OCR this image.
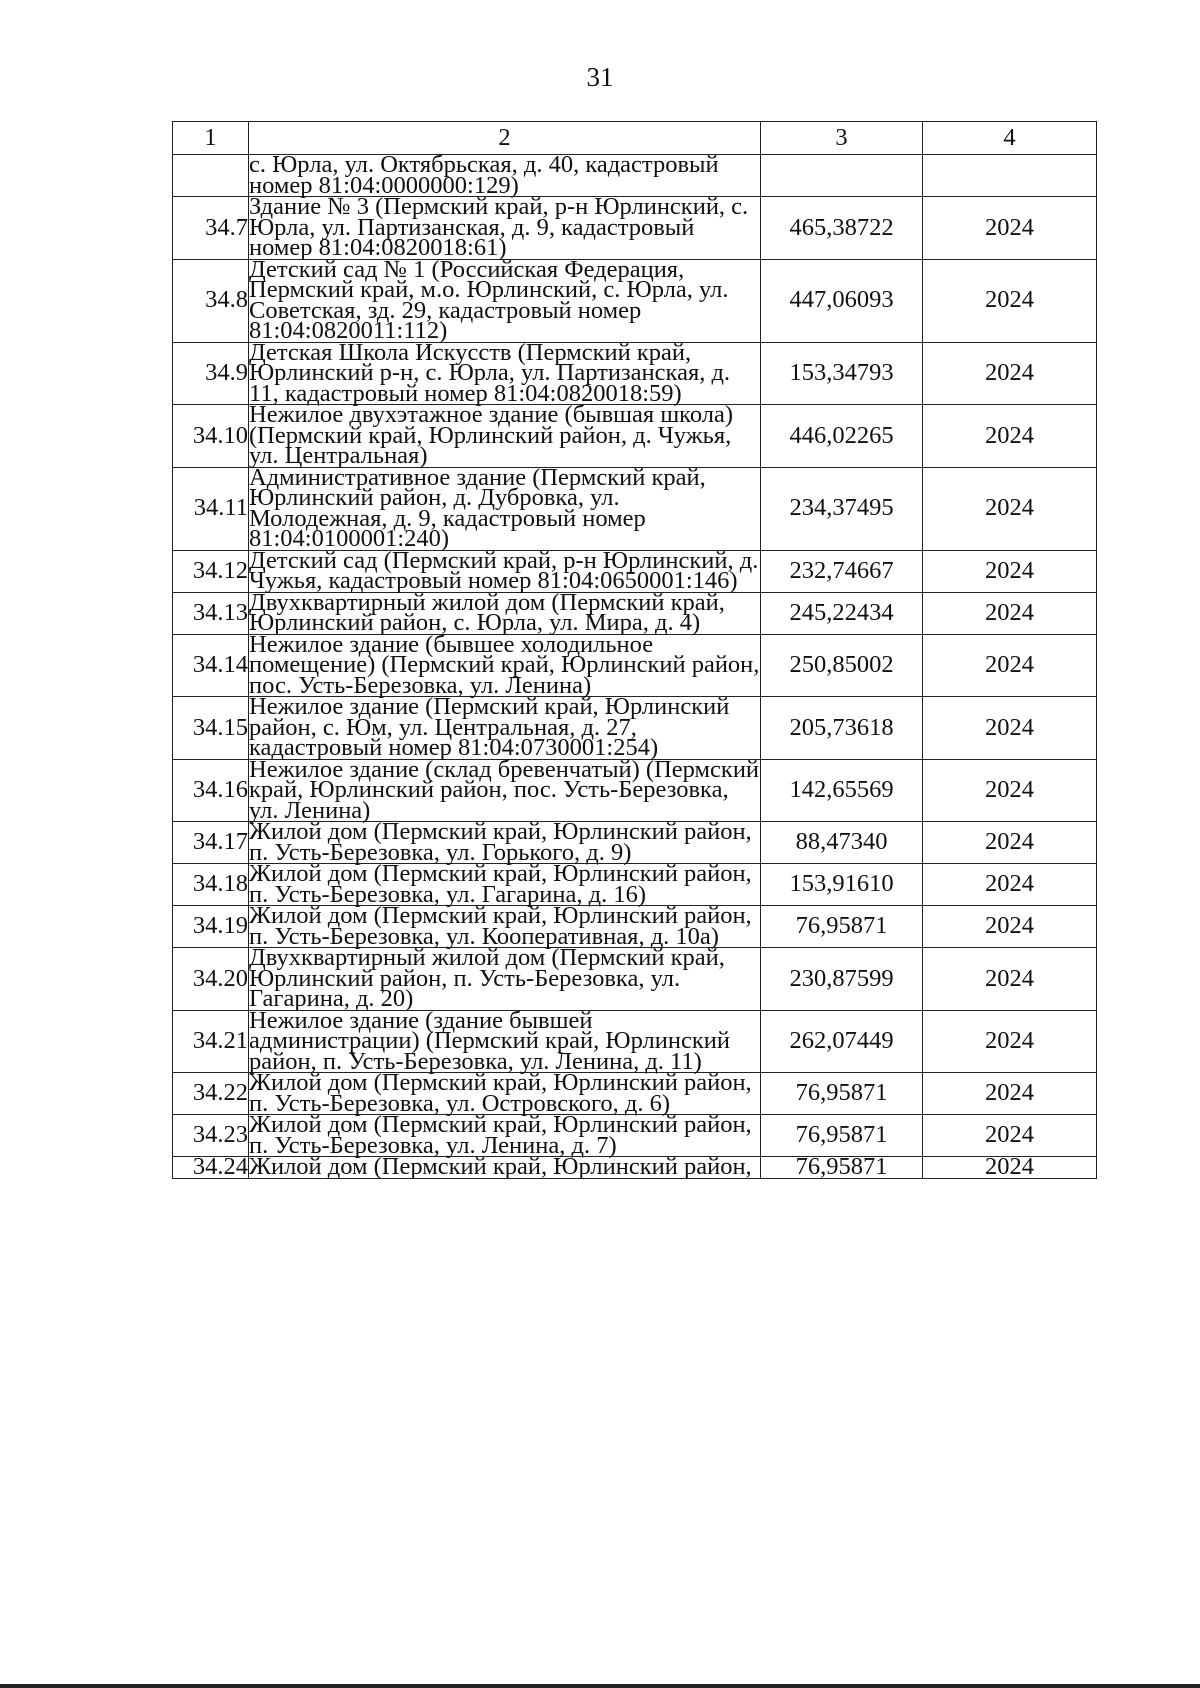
31
1	2	3	4
	с. Юрла, ул. Октябрьская, д. 40, кадастровый номер 81:04:0000000:129)		
34.7	Здание № 3 (Пермский край, р-н Юрлинский, с. Юрла, ул. Партизанская, д. 9, кадастровый номер 81:04:0820018:61)	465,38722	2024
34.8	Детский сад № 1 (Российская Федерация, Пермский край, м.о. Юрлинский, с. Юрла, ул. Советская, зд. 29, кадастровый номер 81:04:0820011:112)	447,06093	2024
34.9	Детская Школа Искусств (Пермский край, Юрлинский р-н, с. Юрла, ул. Партизанская, д. 11, кадастровый номер 81:04:0820018:59)	153,34793	2024
34.10	Нежилое двухэтажное здание (бывшая школа) (Пермский край, Юрлинский район, д. Чужья, ул. Центральная)	446,02265	2024
34.11	Административное здание (Пермский край, Юрлинский район, д. Дубровка, ул. Молодежная, д. 9, кадастровый номер 81:04:0100001:240)	234,37495	2024
34.12	Детский сад (Пермский край, р-н Юрлинский, д. Чужья, кадастровый номер 81:04:0650001:146)	232,74667	2024
34.13	Двухквартирный жилой дом (Пермский край, Юрлинский район, с. Юрла, ул. Мира, д. 4)	245,22434	2024
34.14	Нежилое здание (бывшее холодильное помещение) (Пермский край, Юрлинский район, пос. Усть-Березовка, ул. Ленина)	250,85002	2024
34.15	Нежилое здание (Пермский край, Юрлинский район, с. Юм, ул. Центральная, д. 27, кадастровый номер 81:04:0730001:254)	205,73618	2024
34.16	Нежилое здание (склад бревенчатый) (Пермский край, Юрлинский район, пос. Усть-Березовка, ул. Ленина)	142,65569	2024
34.17	Жилой дом (Пермский край, Юрлинский район, п. Усть-Березовка, ул. Горького, д. 9)	88,47340	2024
34.18	Жилой дом (Пермский край, Юрлинский район, п. Усть-Березовка, ул. Гагарина, д. 16)	153,91610	2024
34.19	Жилой дом (Пермский край, Юрлинский район, п. Усть-Березовка, ул. Кооперативная, д. 10а)	76,95871	2024
34.20	Двухквартирный жилой дом (Пермский край, Юрлинский район, п. Усть-Березовка, ул. Гагарина, д. 20)	230,87599	2024
34.21	Нежилое здание (здание бывшей администрации) (Пермский край, Юрлинский район, п. Усть-Березовка, ул. Ленина, д. 11)	262,07449	2024
34.22	Жилой дом (Пермский край, Юрлинский район, п. Усть-Березовка, ул. Островского, д. 6)	76,95871	2024
34.23	Жилой дом (Пермский край, Юрлинский район, п. Усть-Березовка, ул. Ленина, д. 7)	76,95871	2024
34.24	Жилой дом (Пермский край, Юрлинский район,	76,95871	2024
